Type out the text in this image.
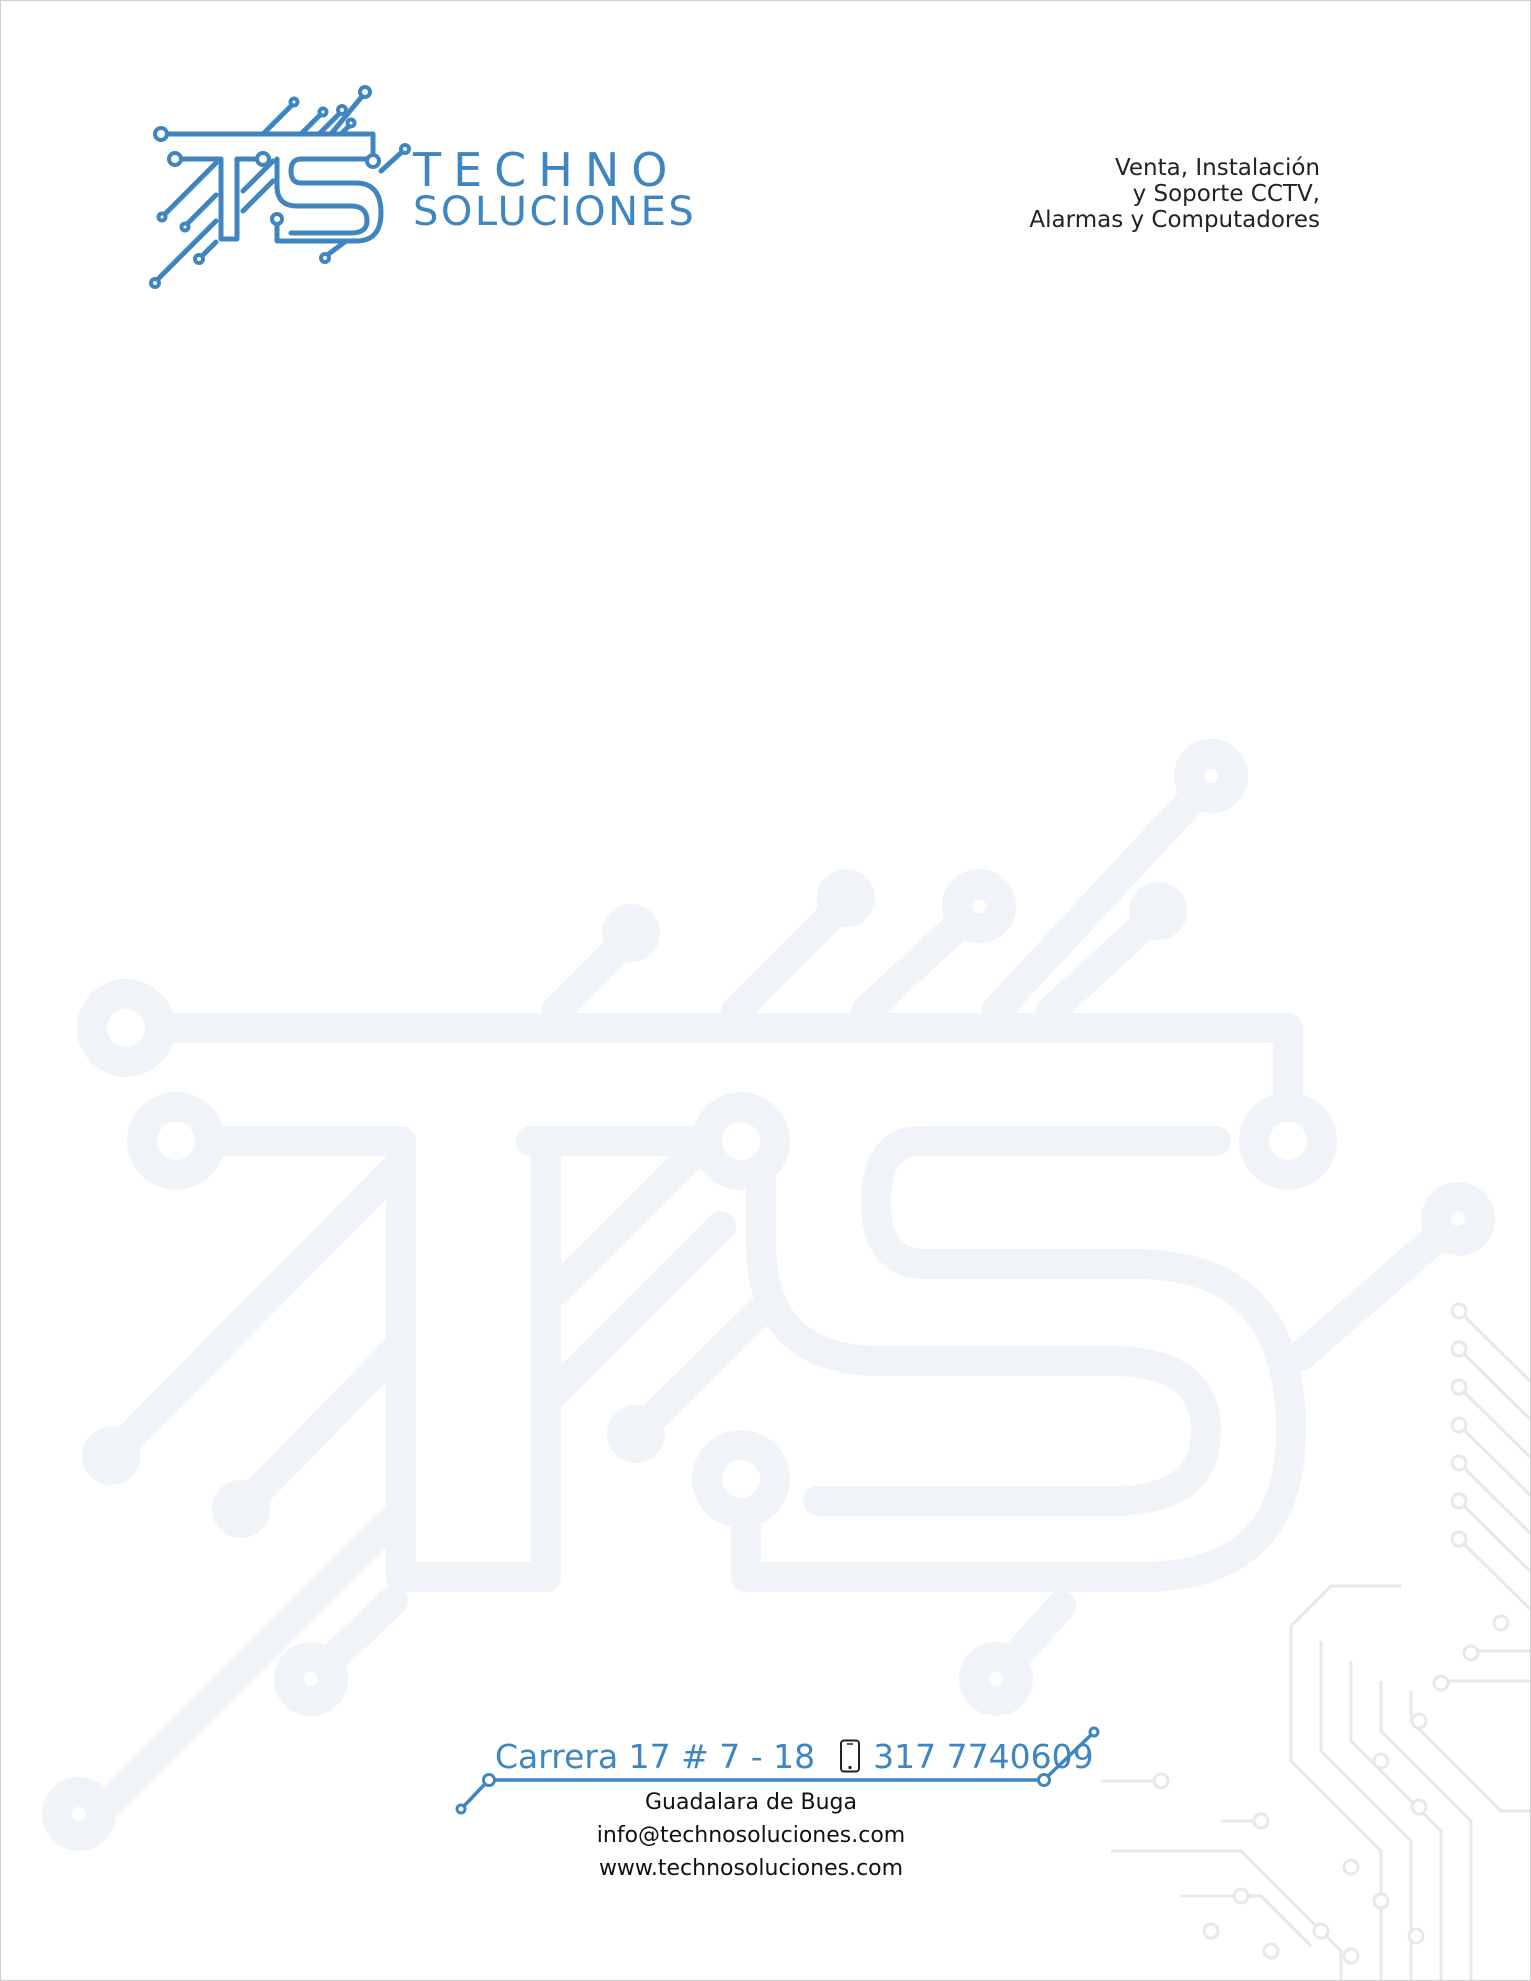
TECHNO
SOLUCIONES
Venta, Instalación
y Soporte CCTV,
Alarmas y Computadores
Carrera 17 # 7 - 18 317 7740609
Guadalara de Buga
info@technosoluciones.com
www.technosoluciones.com
